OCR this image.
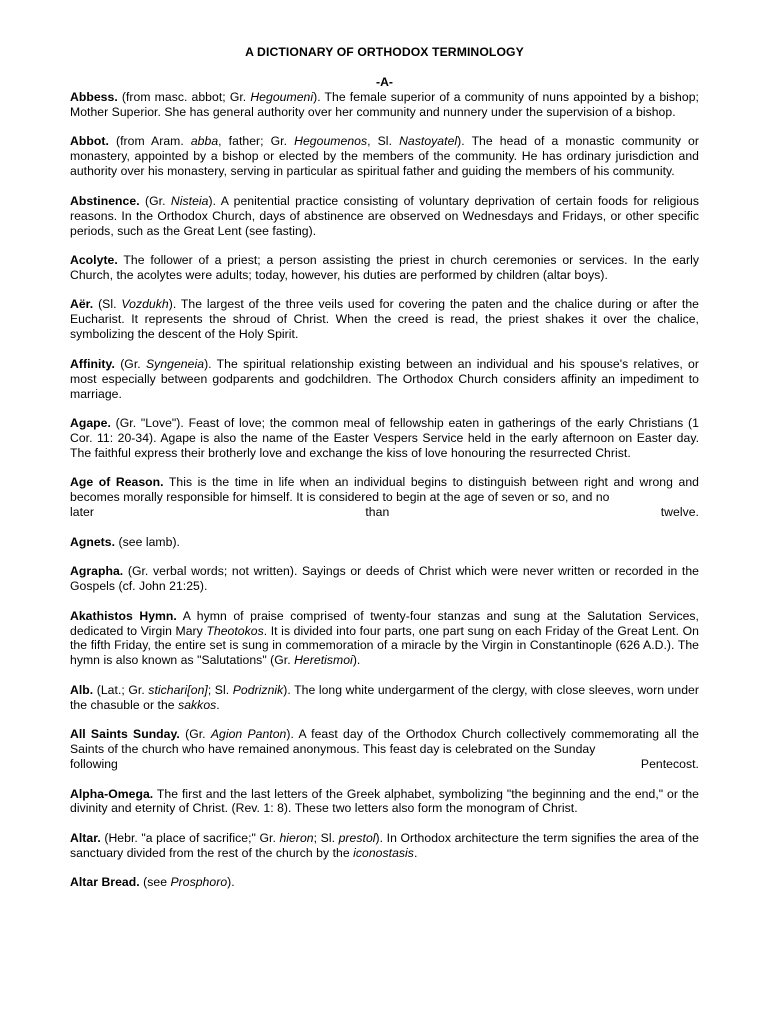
A DICTIONARY OF ORTHODOX TERMINOLOGY
-A-
Abbess. (from masc. abbot; Gr. Hegoumeni). The female superior of a community of nuns appointed by a bishop; Mother Superior. She has general authority over her community and nunnery under the supervision of a bishop.
Abbot. (from Aram. abba, father; Gr. Hegoumenos, Sl. Nastoyatel). The head of a monastic community or monastery, appointed by a bishop or elected by the members of the community. He has ordinary jurisdiction and authority over his monastery, serving in particular as spiritual father and guiding the members of his community.
Abstinence. (Gr. Nisteia). A penitential practice consisting of voluntary deprivation of certain foods for religious reasons. In the Orthodox Church, days of abstinence are observed on Wednesdays and Fridays, or other specific periods, such as the Great Lent (see fasting).
Acolyte. The follower of a priest; a person assisting the priest in church ceremonies or services. In the early Church, the acolytes were adults; today, however, his duties are performed by children (altar boys).
Aër. (Sl. Vozdukh). The largest of the three veils used for covering the paten and the chalice during or after the Eucharist. It represents the shroud of Christ. When the creed is read, the priest shakes it over the chalice, symbolizing the descent of the Holy Spirit.
Affinity. (Gr. Syngeneia). The spiritual relationship existing between an individual and his spouse's relatives, or most especially between godparents and godchildren. The Orthodox Church considers affinity an impediment to marriage.
Agape. (Gr. "Love"). Feast of love; the common meal of fellowship eaten in gatherings of the early Christians (1 Cor. 11: 20-34). Agape is also the name of the Easter Vespers Service held in the early afternoon on Easter day. The faithful express their brotherly love and exchange the kiss of love honouring the resurrected Christ.
Age of Reason. This is the time in life when an individual begins to distinguish between right and wrong and becomes morally responsible for himself. It is considered to begin at the age of seven or so, and no
later	than	twelve.
Agnets. (see lamb).
Agrapha. (Gr. verbal words; not written). Sayings or deeds of Christ which were never written or recorded in the Gospels (cf. John 21:25).
Akathistos Hymn. A hymn of praise comprised of twenty-four stanzas and sung at the Salutation Services, dedicated to Virgin Mary Theotokos. It is divided into four parts, one part sung on each Friday of the Great Lent. On the fifth Friday, the entire set is sung in commemoration of a miracle by the Virgin in Constantinople (626 A.D.). The hymn is also known as "Salutations" (Gr. Heretismoi).
Alb. (Lat.; Gr. stichari[on]; Sl. Podriznik). The long white undergarment of the clergy, with close sleeves, worn under the chasuble or the sakkos.
All Saints Sunday. (Gr. Agion Panton). A feast day of the Orthodox Church collectively commemorating all the Saints of the church who have remained anonymous. This feast day is celebrated on the Sunday
following	Pentecost.
Alpha-Omega. The first and the last letters of the Greek alphabet, symbolizing "the beginning and the end," or the divinity and eternity of Christ. (Rev. 1: 8). These two letters also form the monogram of Christ.
Altar. (Hebr. "a place of sacrifice;" Gr. hieron; Sl. prestol). In Orthodox architecture the term signifies the area of the sanctuary divided from the rest of the church by the iconostasis.
Altar Bread. (see Prosphoro).
